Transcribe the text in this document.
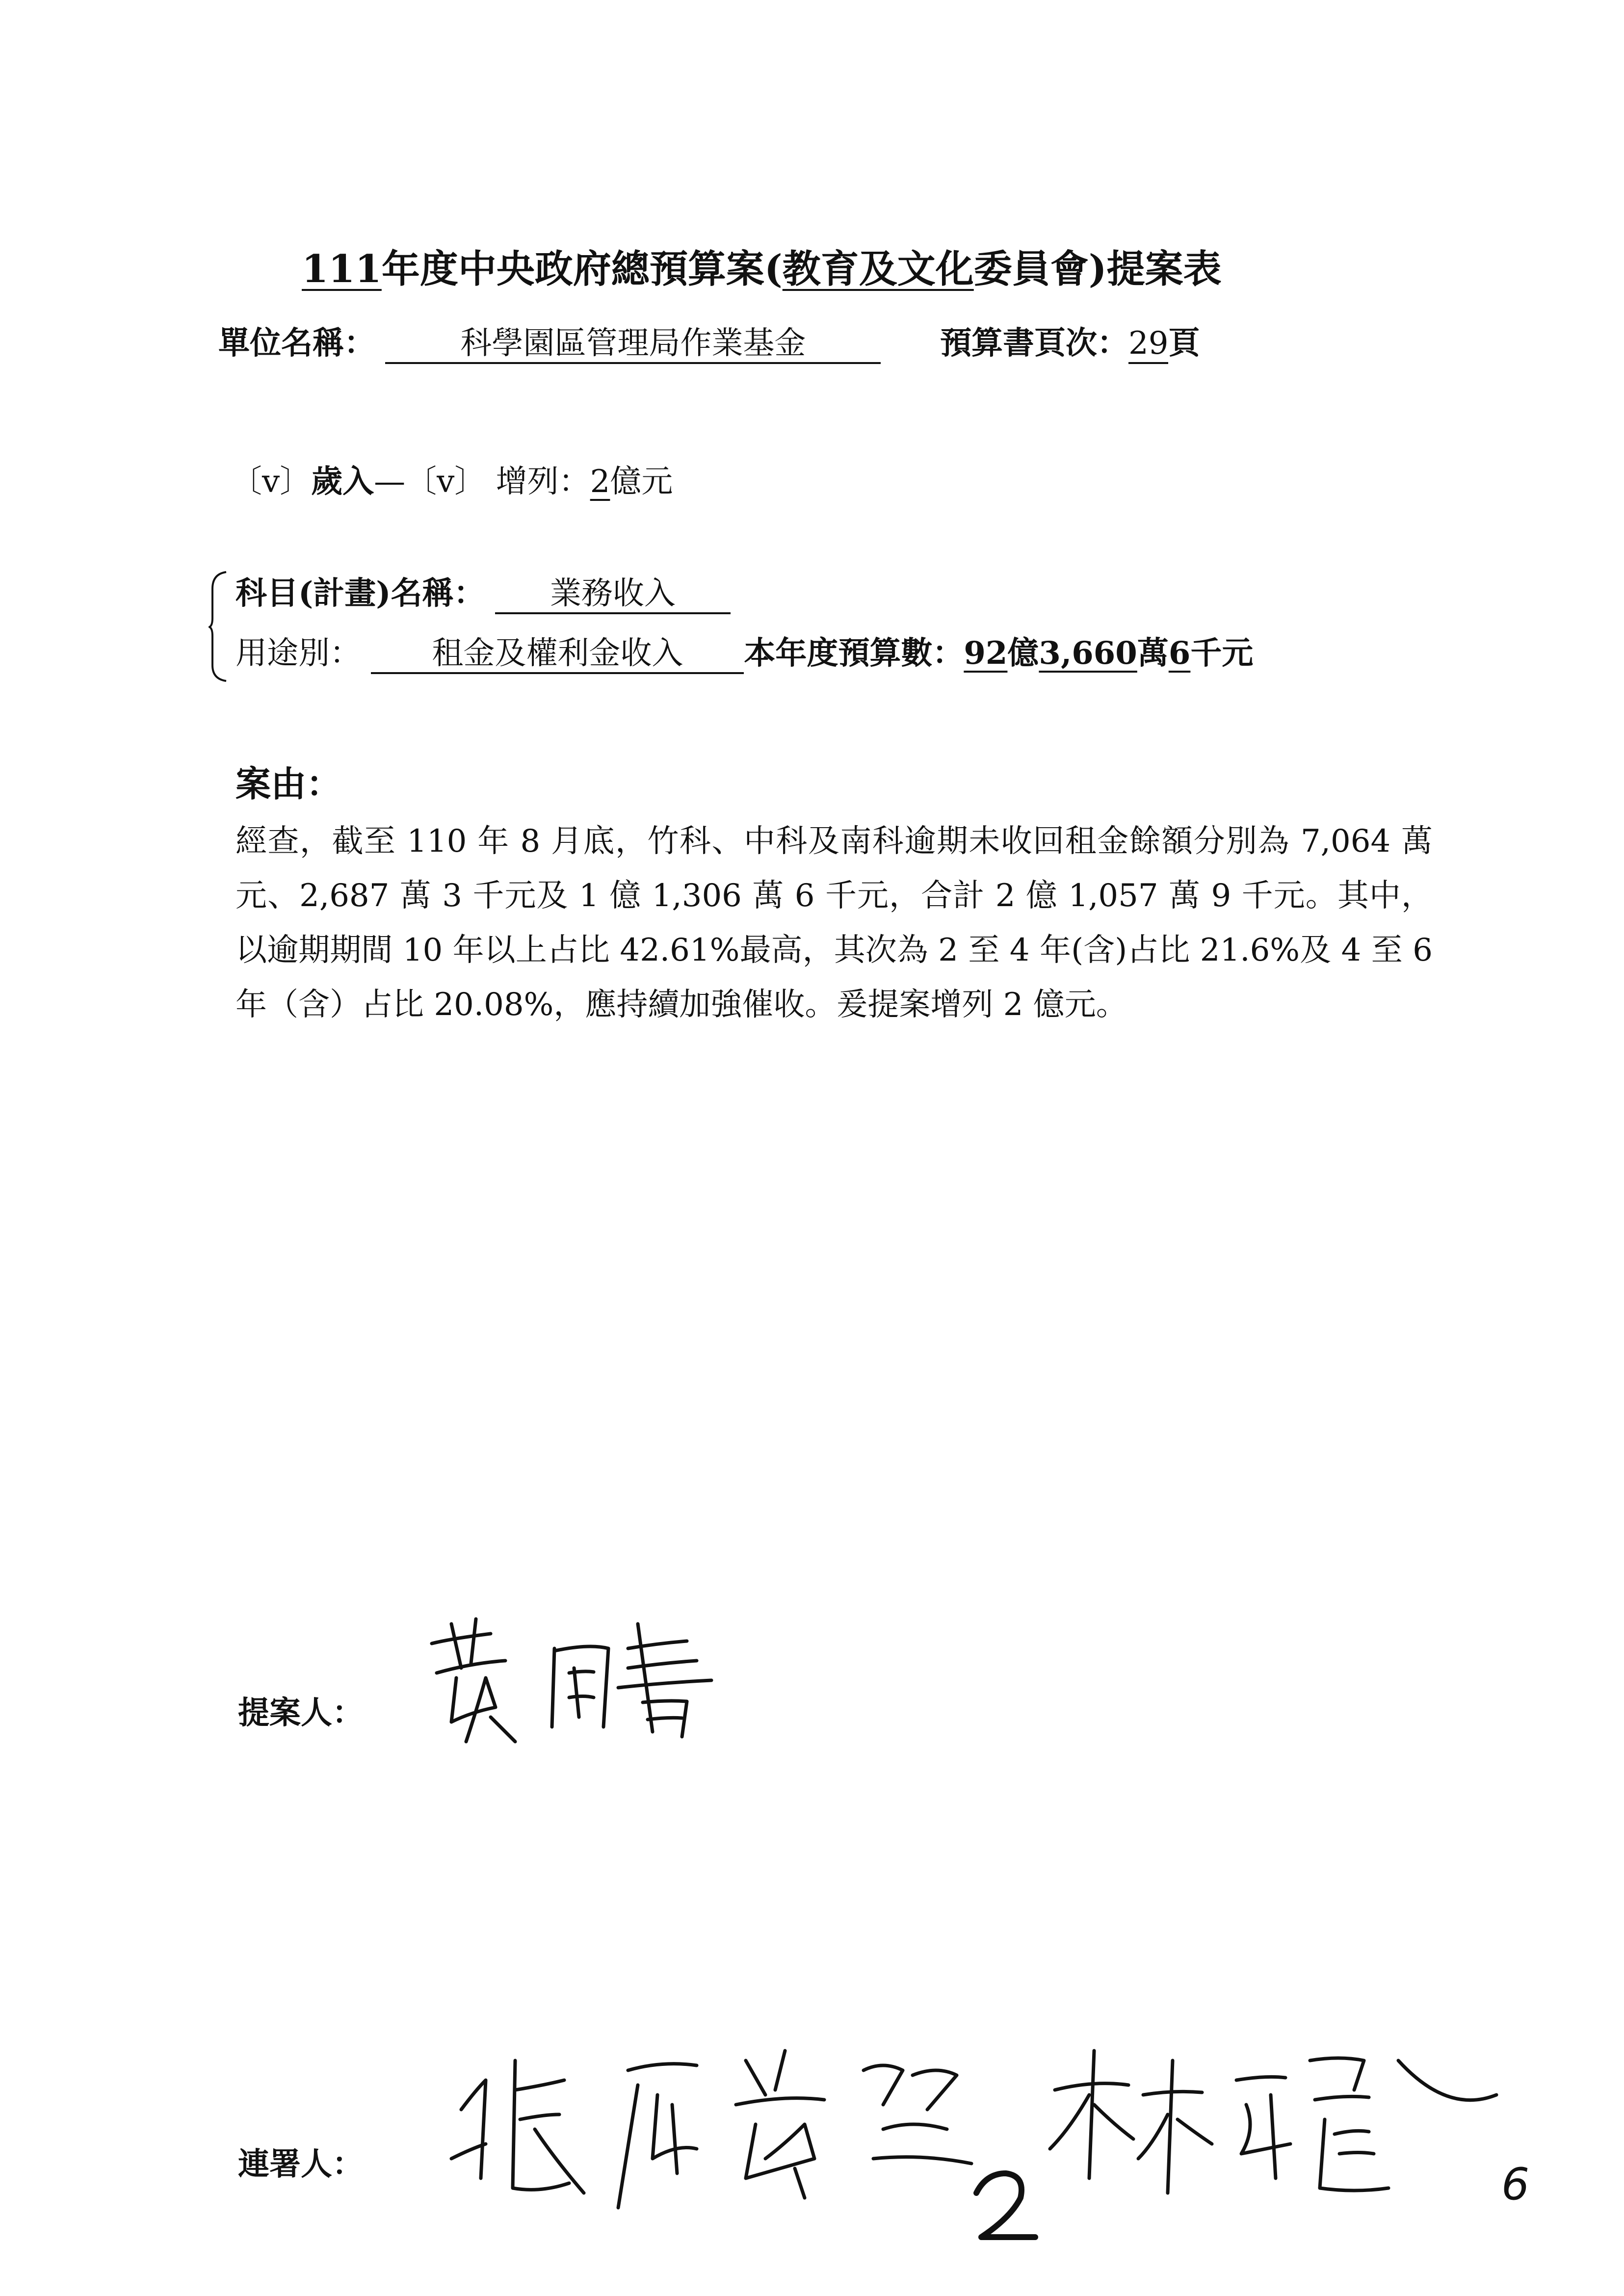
111年度中央政府總預算案(教育及文化委員會)提案表
單位名稱：	科學園區管理局作業基金	預算書頁次：29頁
〔v〕歲入—〔v〕 增列：2億元
科目(計畫)名稱： 業務收入
用途別： 租金及權利金收入 本年度預算數：92億3,660萬6千元
案由：
經查，截至 110 年 8 月底，竹科、中科及南科逾期未收回租金餘額分別為 7,064 萬元、2,687 萬 3 千元及 1 億 1,306 萬 6 千元，合計 2 億 1,057 萬 9 千元。其中，以逾期期間 10 年以上占比 42.61%最高，其次為 2 至 4 年(含)占比 21.6%及 4 至 6 年（含）占比 20.08%，應持續加強催收。爰提案增列 2 億元。
提案人：
連署人：	6
